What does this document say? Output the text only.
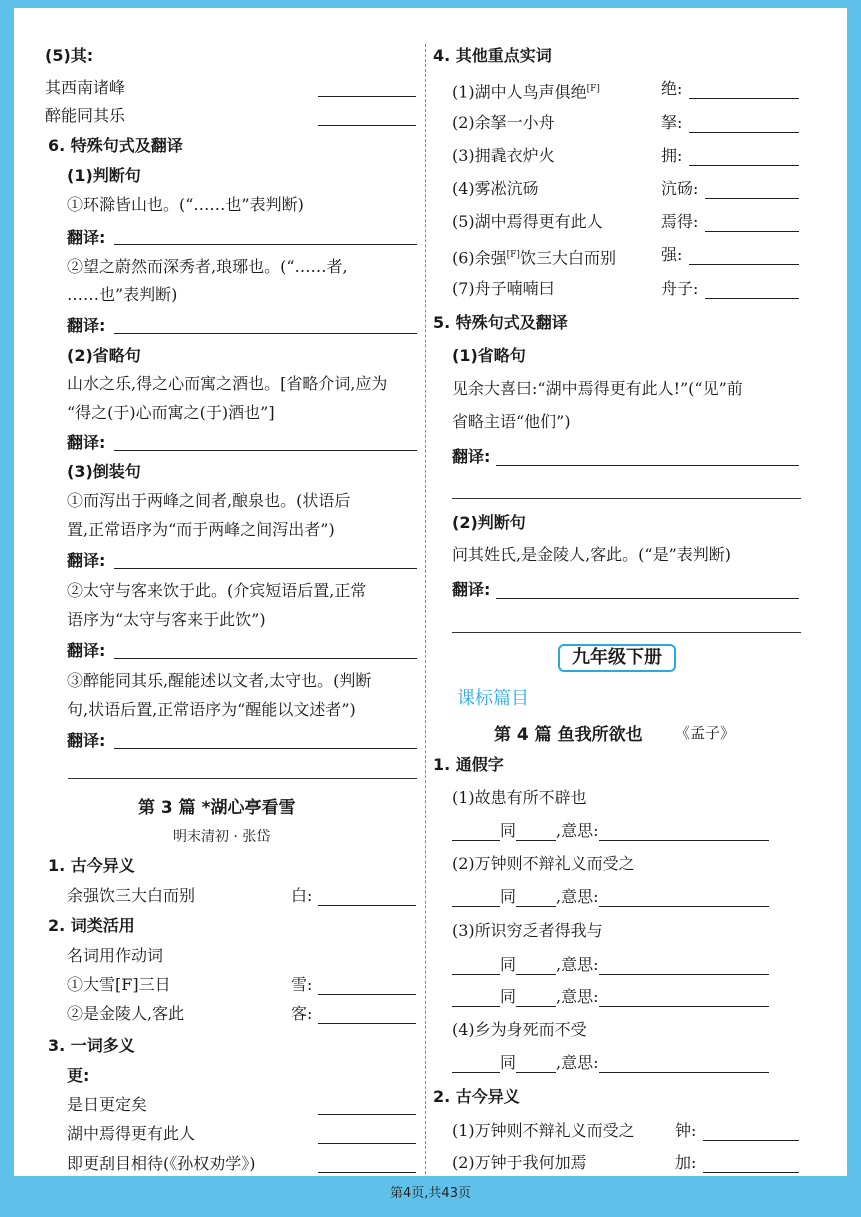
(5)其:
其西南诸峰
醉能同其乐
6. 特殊句式及翻译
(1)判断句
①环滁皆山也。(“……也”表判断)
翻译:
②望之蔚然而深秀者,琅琊也。(“……者,
……也”表判断)
翻译:
(2)省略句
山水之乐,得之心而寓之酒也。[省略介词,应为
“得之(于)心而寓之(于)酒也”]
翻译:
(3)倒装句
①而泻出于两峰之间者,酿泉也。(状语后
置,正常语序为“而于两峰之间泻出者”)
翻译:
②太守与客来饮于此。(介宾短语后置,正常
语序为“太守与客来于此饮”)
翻译:
③醉能同其乐,醒能述以文者,太守也。(判断
句,状语后置,正常语序为“醒能以文述者”)
翻译:
第 3 篇 *湖心亭看雪
明末清初 · 张岱
1. 古今异义
余强饮三大白而别	白:
2. 词类活用
名词用作动词
①大雪[F]三日	雪:
②是金陵人,客此	客:
3. 一词多义
更:
是日更定矣
湖中焉得更有此人
即更刮目相待(《孙权劝学》)
4. 其他重点实词
(1)湖中人鸟声俱绝[F]	绝:
(2)余拏一小舟	拏:
(3)拥毳衣炉火	拥:
(4)雾凇沆砀	沆砀:
(5)湖中焉得更有此人	焉得:
(6)余强[F]饮三大白而别	强:
(7)舟子喃喃曰	舟子:
5. 特殊句式及翻译
(1)省略句
见余大喜曰:“湖中焉得更有此人!”(“见”前
省略主语“他们”)
翻译:
(2)判断句
问其姓氏,是金陵人,客此。(“是”表判断)
翻译:
九年级下册
课标篇目
第 4 篇 鱼我所欲也 《孟子》
1. 通假字
(1)故患有所不辟也
同	,意思:
(2)万钟则不辩礼义而受之
同	,意思:
(3)所识穷乏者得我与
同	,意思:
同	,意思:
(4)乡为身死而不受
同	,意思:
2. 古今异义
(1)万钟则不辩礼义而受之	钟:
(2)万钟于我何加焉	加:
第4页,共43页
